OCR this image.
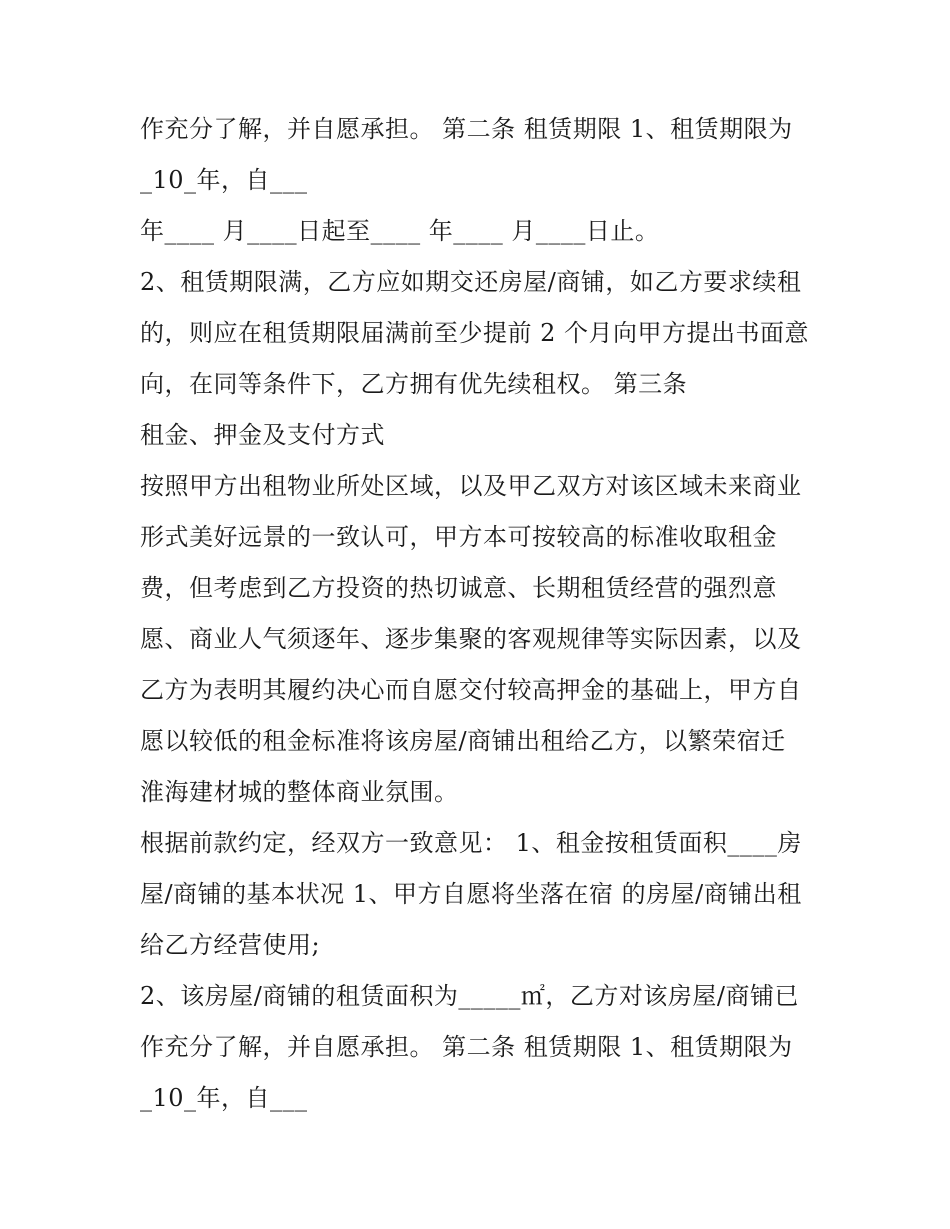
作充分了解，并自愿承担。 第二条 租赁期限 1、租赁期限为
_10_年，自___
年____ 月____日起至____ 年____ 月____日止。
2、租赁期限满，乙方应如期交还房屋/商铺，如乙方要求续租
的，则应在租赁期限届满前至少提前 2 个月向甲方提出书面意
向，在同等条件下，乙方拥有优先续租权。 第三条
租金、押金及支付方式
按照甲方出租物业所处区域，以及甲乙双方对该区域未来商业
形式美好远景的一致认可，甲方本可按较高的标准收取租金
费，但考虑到乙方投资的热切诚意、长期租赁经营的强烈意
愿、商业人气须逐年、逐步集聚的客观规律等实际因素，以及
乙方为表明其履约决心而自愿交付较高押金的基础上，甲方自
愿以较低的租金标准将该房屋/商铺出租给乙方，以繁荣宿迁
淮海建材城的整体商业氛围。
根据前款约定，经双方一致意见： 1、租金按租赁面积____房
屋/商铺的基本状况 1、甲方自愿将坐落在宿 的房屋/商铺出租
给乙方经营使用;
2、该房屋/商铺的租赁面积为_____㎡，乙方对该房屋/商铺已
作充分了解，并自愿承担。 第二条 租赁期限 1、租赁期限为
_10_年，自___
